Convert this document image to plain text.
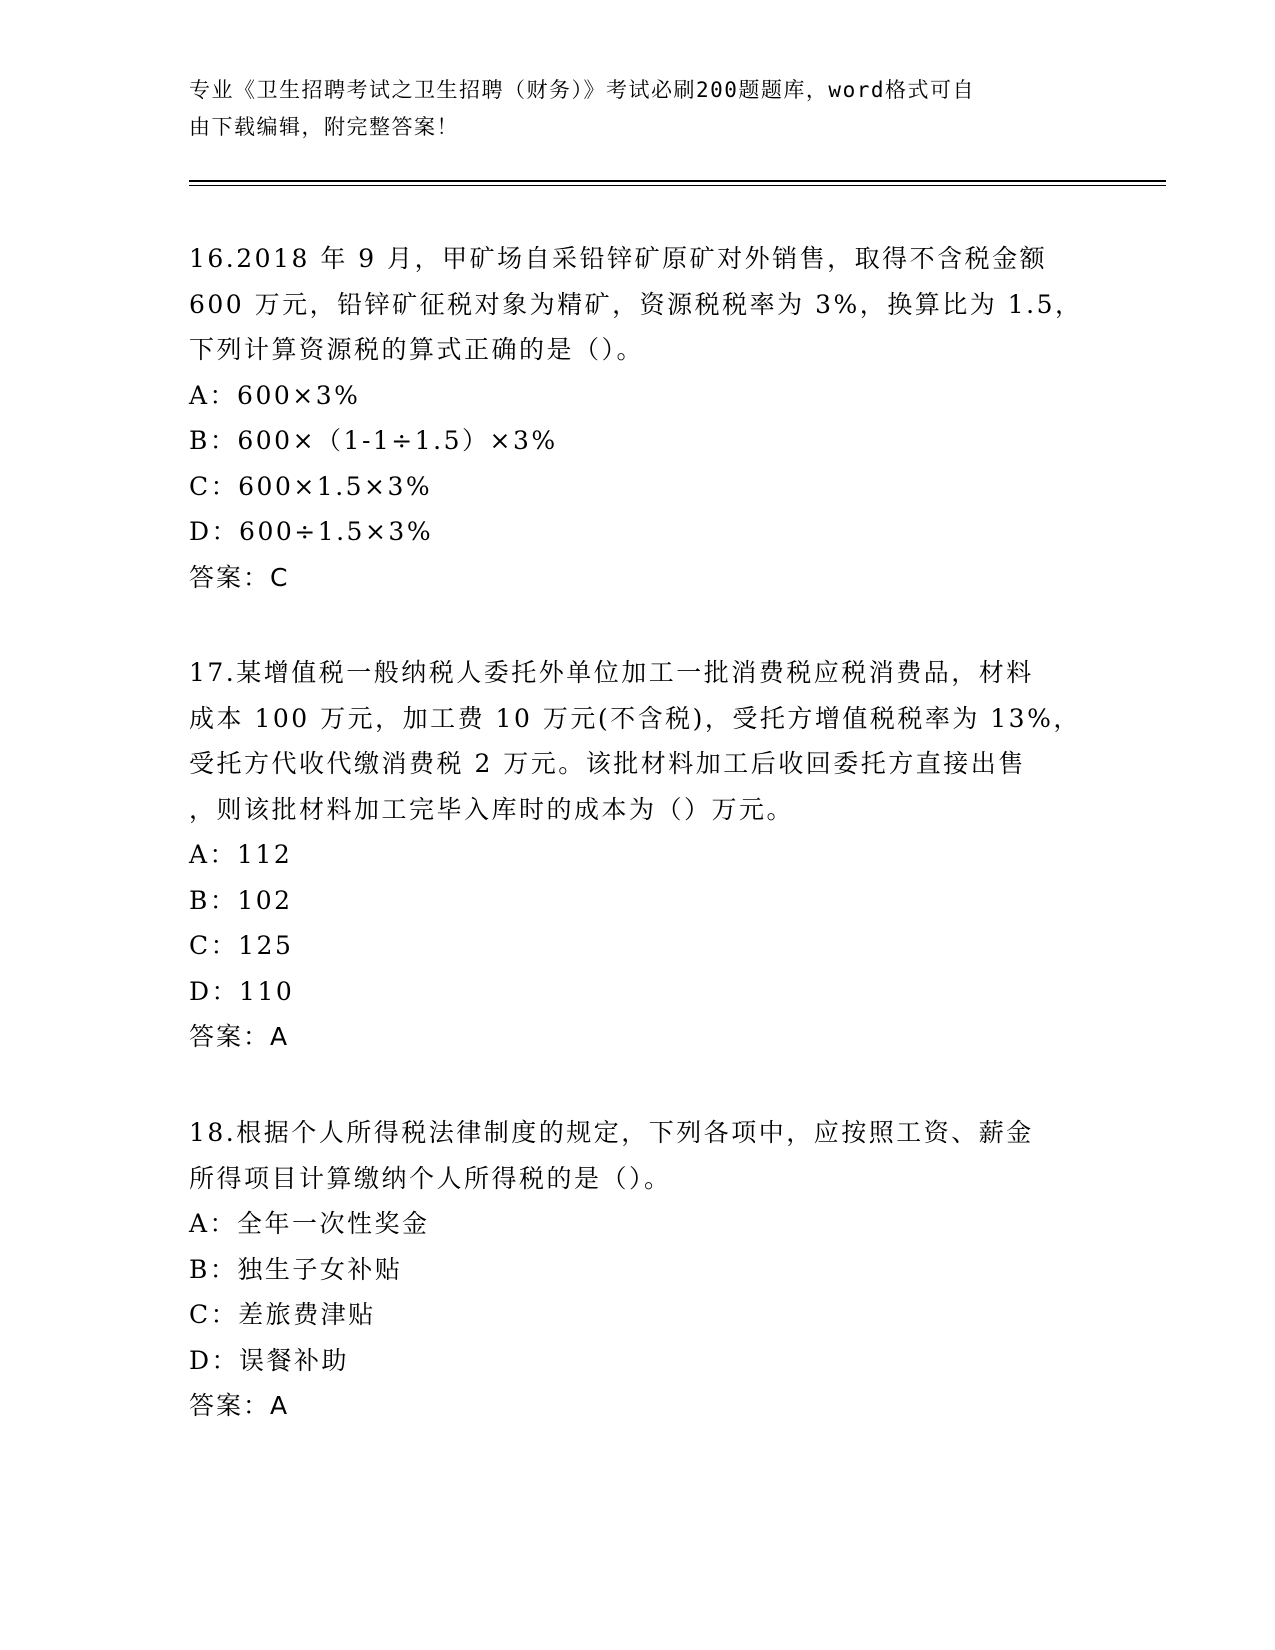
专业《卫生招聘考试之卫生招聘（财务）》考试必刷200题题库，word格式可自
由下载编辑，附完整答案！

16.2018 年 9 月，甲矿场自采铅锌矿原矿对外销售，取得不含税金额

600 万元，铅锌矿征税对象为精矿，资源税税率为 3%，换算比为 1.5，

下列计算资源税的算式正确的是（）。

A：600×3%

B：600×（1-1÷1.5）×3%

C：600×1.5×3%

D：600÷1.5×3%

答案：C

17.某增值税一般纳税人委托外单位加工一批消费税应税消费品，材料

成本 100 万元，加工费 10 万元(不含税)，受托方增值税税率为 13%，

受托方代收代缴消费税 2 万元。该批材料加工后收回委托方直接出售

，则该批材料加工完毕入库时的成本为（）万元。

A：112

B：102

C：125

D：110

答案：A

18.根据个人所得税法律制度的规定，下列各项中，应按照工资、薪金

所得项目计算缴纳个人所得税的是（）。

A：全年一次性奖金

B：独生子女补贴

C：差旅费津贴

D：误餐补助

答案：A
